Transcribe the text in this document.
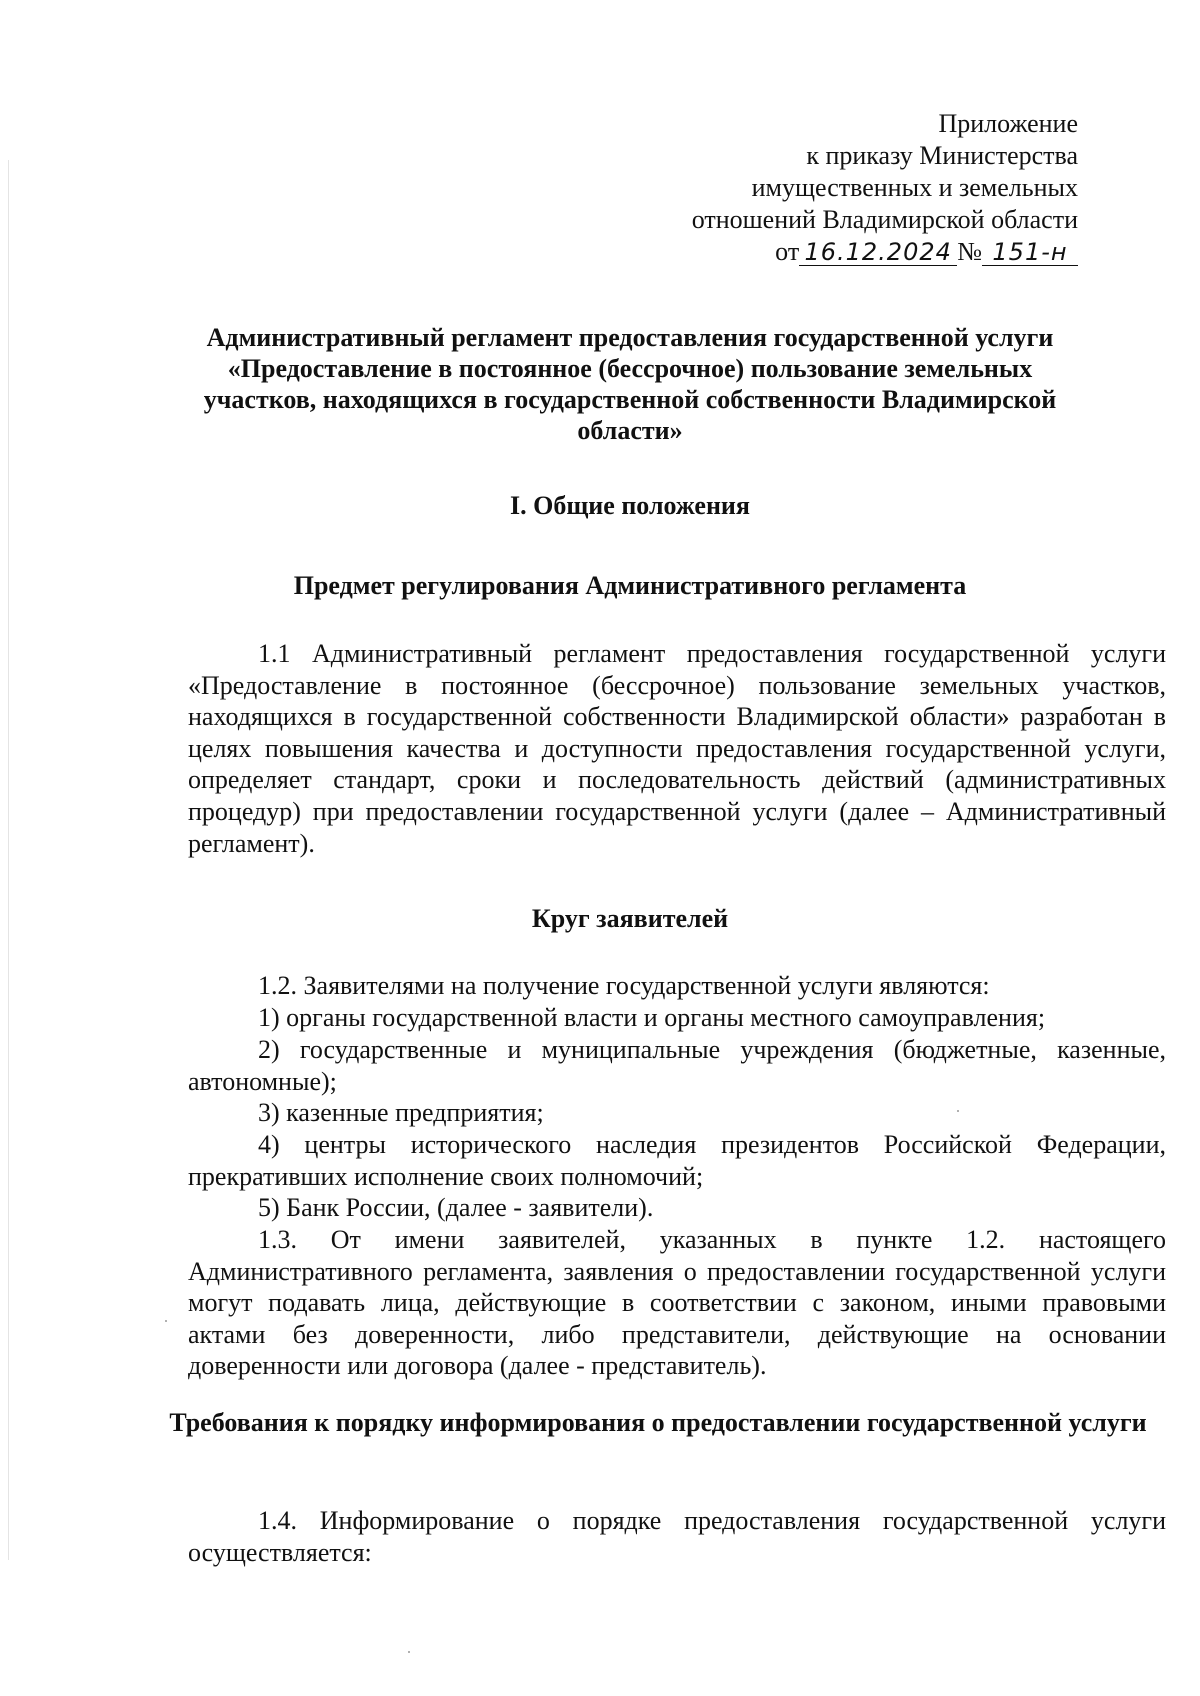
Приложение
к приказу Министерства
имущественных и земельных
отношений Владимирской области
от 16.12.2024 № 151-н

Административный регламент предоставления государственной услуги «Предоставление в постоянное (бессрочное) пользование земельных участков, находящихся в государственной собственности Владимирской области»

I. Общие положения

Предмет регулирования Административного регламента

1.1 Административный регламент предоставления государственной услуги «Предоставление в постоянное (бессрочное) пользование земельных участков, находящихся в государственной собственности Владимирской области» разработан в целях повышения качества и доступности предоставления государственной услуги, определяет стандарт, сроки и последовательность действий (административных процедур) при предоставлении государственной услуги (далее – Административный регламент).

Круг заявителей

1.2. Заявителями на получение государственной услуги являются:

1) органы государственной власти и органы местного самоуправления;

2) государственные и муниципальные учреждения (бюджетные, казенные, автономные);

3) казенные предприятия;

4) центры исторического наследия президентов Российской Федерации, прекративших исполнение своих полномочий;

5) Банк России, (далее - заявители).

1.3. От имени заявителей, указанных в пункте 1.2. настоящего Административного регламента, заявления о предоставлении государственной услуги могут подавать лица, действующие в соответствии с законом, иными правовыми актами без доверенности, либо представители, действующие на основании доверенности или договора (далее - представитель).

Требования к порядку информирования о предоставлении государственной услуги

1.4. Информирование о порядке предоставления государственной услуги осуществляется:
